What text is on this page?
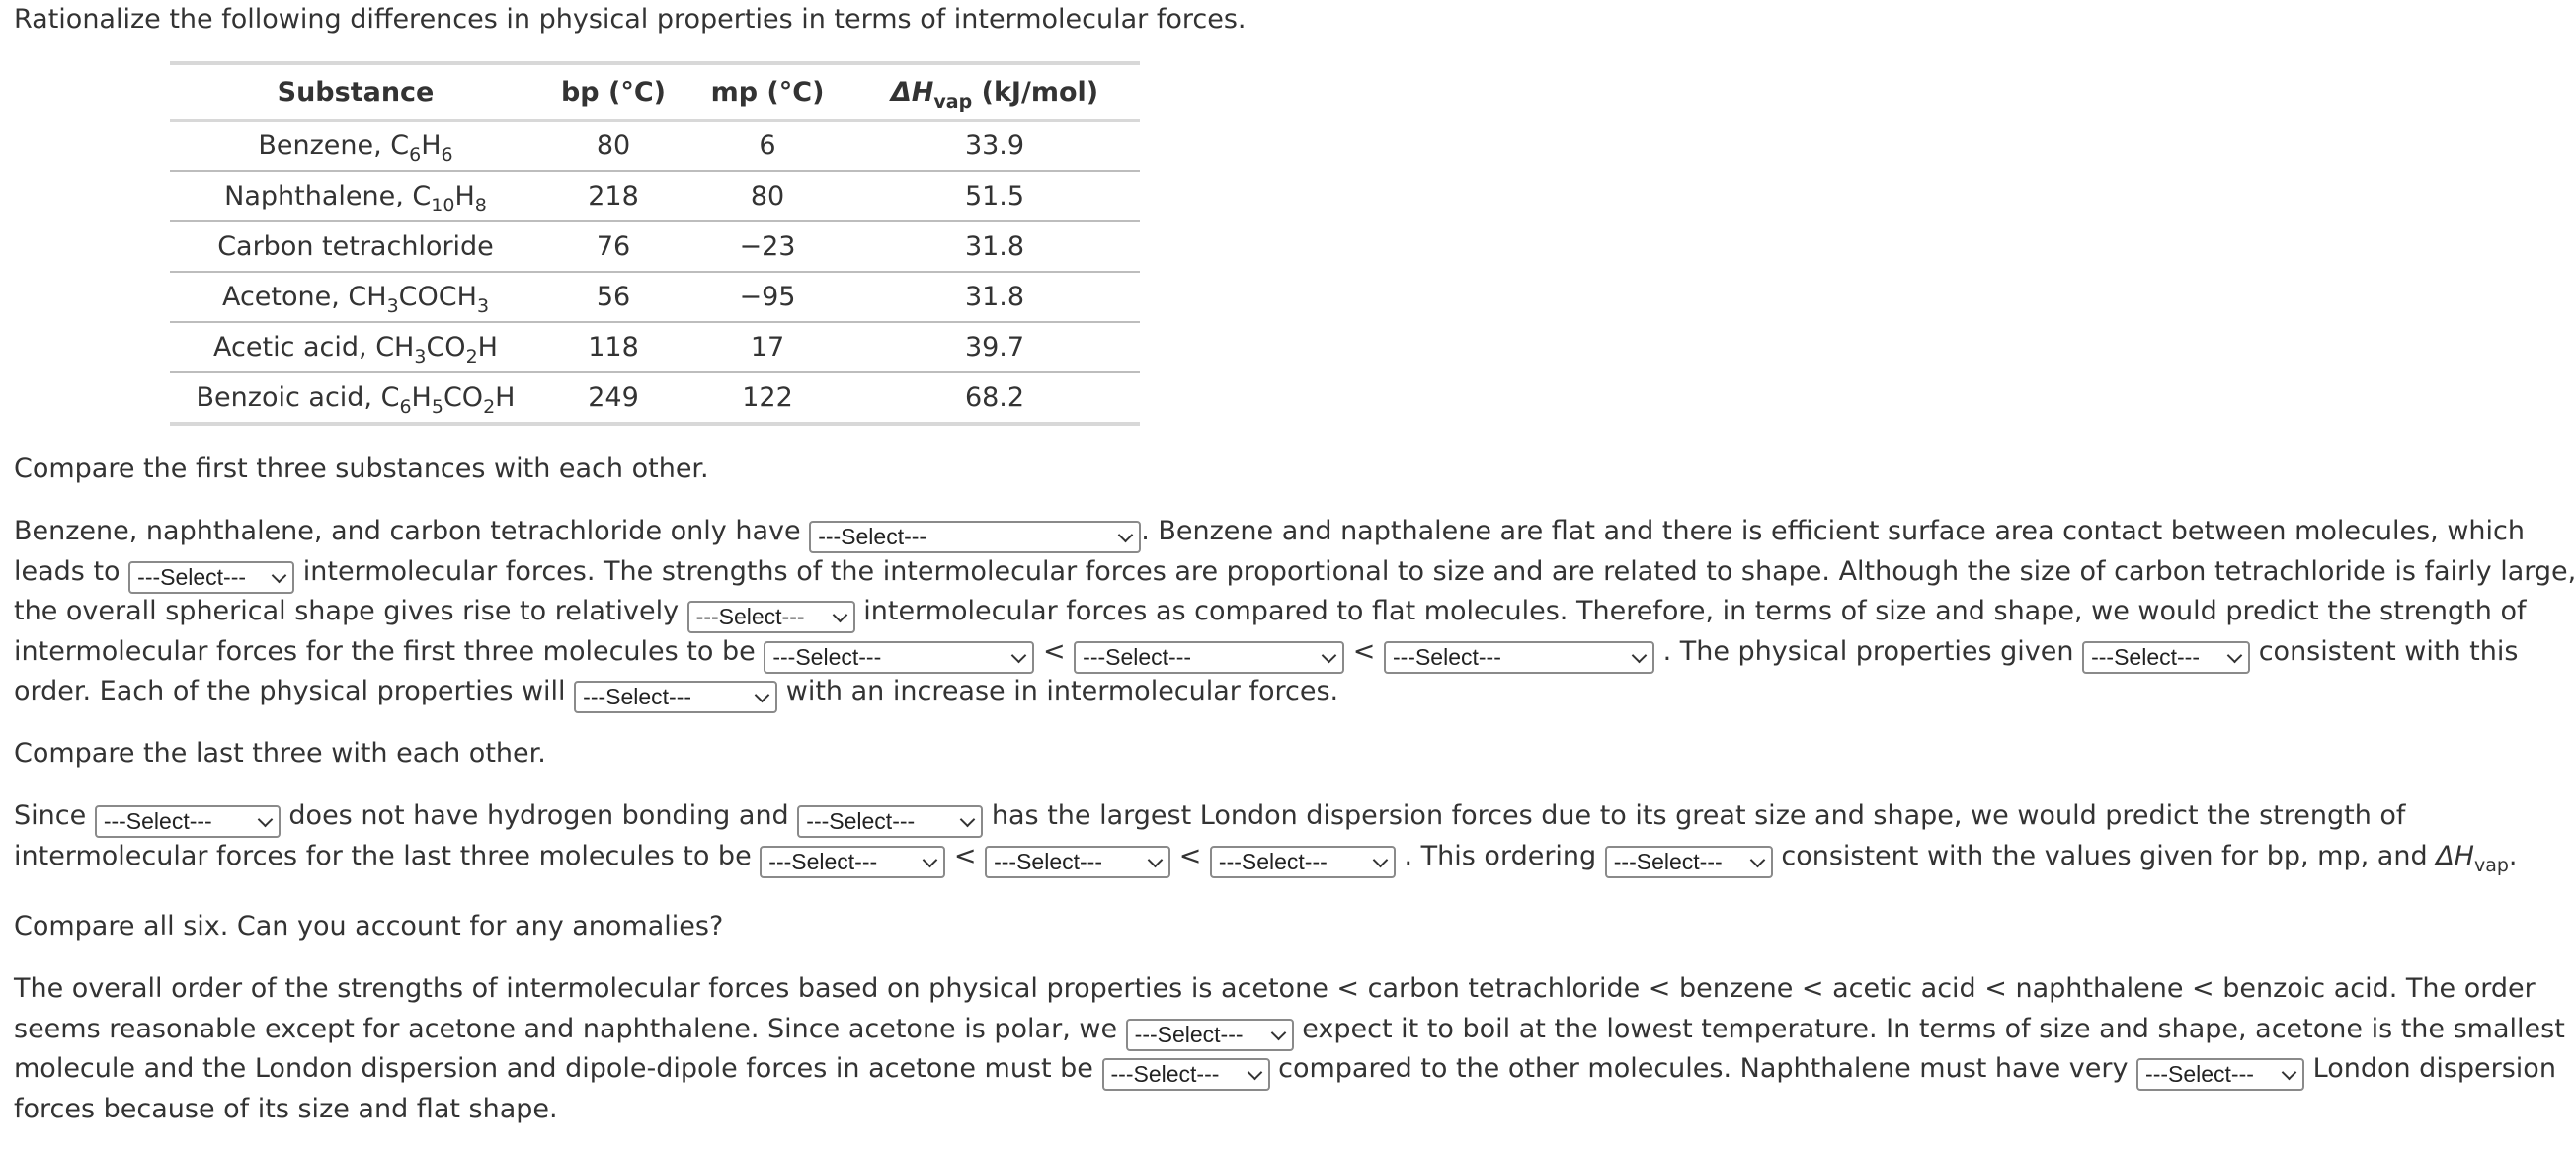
Rationalize the following differences in physical properties in terms of intermolecular forces.
Substance	bp (°C)	mp (°C)	$\Delta H_{vap}$ (kJ/mol)
Benzene, $C_6H_6$	80	6	33.9
Naphthalene, $C_{10}H_8$	218	80	51.5
Carbon tetrachloride	76	−23	31.8
Acetone, $CH_3COCH_3$	56	−95	31.8
Acetic acid, $CH_3CO_2H$	118	17	39.7
Benzoic acid, $C_6H_5CO_2H$	249	122	68.2
Compare the first three substances with each other.
Benzene, naphthalene, and carbon tetrachloride only have ---Select---	. Benzene and napthalene are flat and there is efficient surface area contact between molecules, which
leads to ---Select--- intermolecular forces. The strengths of the intermolecular forces are proportional to size and are related to shape. Although the size of carbon tetrachloride is fairly large,
the overall spherical shape gives rise to relatively ---Select--- intermolecular forces as compared to flat molecules. Therefore, in terms of size and shape, we would predict the strength of
intermolecular forces for the first three molecules to be ---Select---	< ---Select---	< ---Select---	. The physical properties given ---Select--- consistent with this
order. Each of the physical properties will ---Select---	with an increase in intermolecular forces.
Compare the last three with each other.
Since ---Select---	does not have hydrogen bonding and ---Select---	has the largest London dispersion forces due to its great size and shape, we would predict the strength of
intermolecular forces for the last three molecules to be ---Select---	< ---Select---	< ---Select---	. This ordering ---Select--- consistent with the values given for bp, mp, and $\Delta H_{vap}$.
Compare all six. Can you account for any anomalies?
The overall order of the strengths of intermolecular forces based on physical properties is acetone < carbon tetrachloride < benzene < acetic acid < naphthalene < benzoic acid. The order
seems reasonable except for acetone and naphthalene. Since acetone is polar, we ---Select--- expect it to boil at the lowest temperature. In terms of size and shape, acetone is the smallest
molecule and the London dispersion and dipole-dipole forces in acetone must be ---Select--- compared to the other molecules. Naphthalene must have very ---Select--- London dispersion
forces because of its size and flat shape.
